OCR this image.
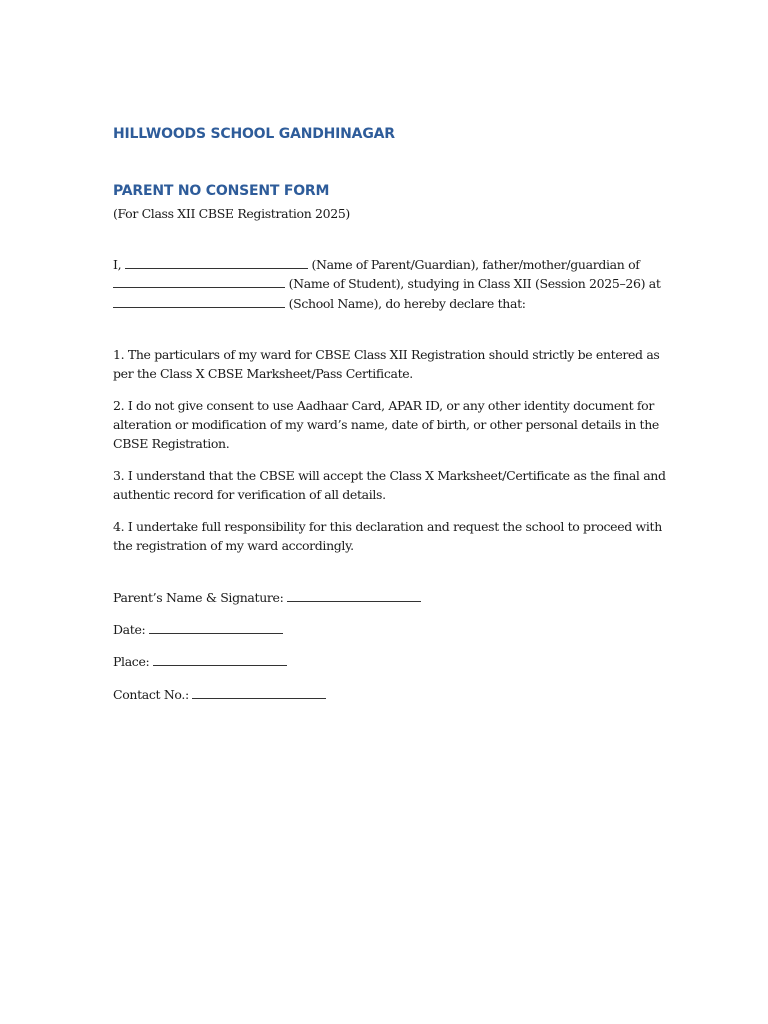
HILLWOODS SCHOOL GANDHINAGAR
PARENT NO CONSENT FORM
(For Class XII CBSE Registration 2025)
I,	(Name of Parent/Guardian), father/mother/guardian of
(Name of Student), studying in Class XII (Session 2025–26) at
(School Name), do hereby declare that:
1. The particulars of my ward for CBSE Class XII Registration should strictly be entered as
per the Class X CBSE Marksheet/Pass Certificate.
2. I do not give consent to use Aadhaar Card, APAR ID, or any other identity document for
alteration or modification of my ward’s name, date of birth, or other personal details in the
CBSE Registration.
3. I understand that the CBSE will accept the Class X Marksheet/Certificate as the final and
authentic record for verification of all details.
4. I undertake full responsibility for this declaration and request the school to proceed with
the registration of my ward accordingly.
Parent’s Name & Signature:
Date:
Place:
Contact No.:
